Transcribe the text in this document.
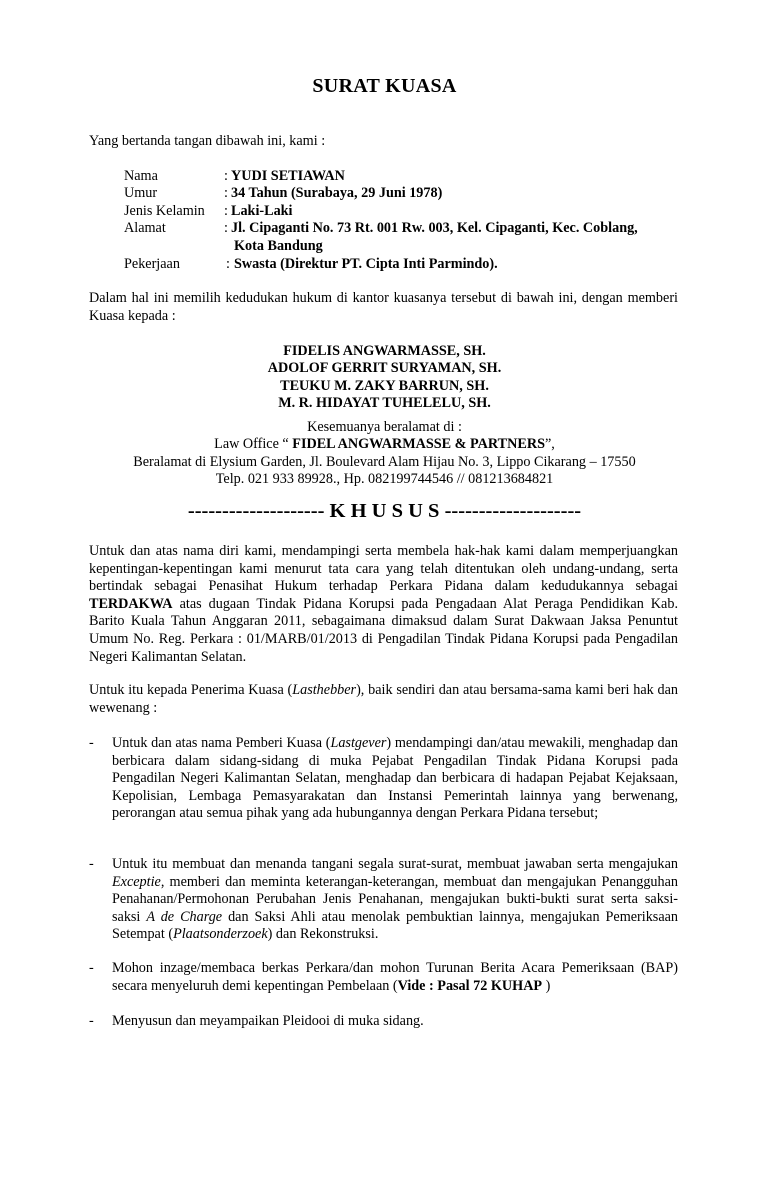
SURAT KUASA
Yang bertanda tangan dibawah ini, kami :
Nama	: YUDI SETIAWAN
Umur	: 34 Tahun (Surabaya, 29 Juni 1978)
Jenis Kelamin : Laki-Laki
Alamat	: Jl. Cipaganti No. 73 Rt. 001 Rw. 003, Kel. Cipaganti, Kec. Coblang,
Kota Bandung
Pekerjaan	: Swasta (Direktur PT. Cipta Inti Parmindo).
Dalam hal ini memilih kedudukan hukum di kantor kuasanya tersebut di bawah ini, dengan memberi Kuasa kepada :
FIDELIS ANGWARMASSE, SH.
ADOLOF GERRIT SURYAMAN, SH.
TEUKU M. ZAKY BARRUN, SH.
M. R. HIDAYAT TUHELELU, SH.
Kesemuanya beralamat di :
Law Office “ FIDEL ANGWARMASSE & PARTNERS”,
Beralamat di Elysium Garden, Jl. Boulevard Alam Hijau No. 3, Lippo Cikarang – 17550
Telp. 021 933 89928., Hp. 082199744546 // 081213684821
-------------------- K H U S U S --------------------
Untuk dan atas nama diri kami, mendampingi serta membela hak-hak kami dalam memperjuangkan kepentingan-kepentingan kami menurut tata cara yang telah ditentukan oleh undang-undang, serta bertindak sebagai Penasihat Hukum terhadap Perkara Pidana dalam kedudukannya sebagai TERDAKWA atas dugaan Tindak Pidana Korupsi pada Pengadaan Alat Peraga Pendidikan Kab. Barito Kuala Tahun Anggaran 2011, sebagaimana dimaksud dalam Surat Dakwaan Jaksa Penuntut Umum No. Reg. Perkara : 01/MARB/01/2013 di Pengadilan Tindak Pidana Korupsi pada Pengadilan Negeri Kalimantan Selatan.
Untuk itu kepada Penerima Kuasa (Lasthebber), baik sendiri dan atau bersama-sama kami beri hak dan wewenang :
- Untuk dan atas nama Pemberi Kuasa (Lastgever) mendampingi dan/atau mewakili, menghadap dan berbicara dalam sidang-sidang di muka Pejabat Pengadilan Tindak Pidana Korupsi pada Pengadilan Negeri Kalimantan Selatan, menghadap dan berbicara di hadapan Pejabat Kejaksaan, Kepolisian, Lembaga Pemasyarakatan dan Instansi Pemerintah lainnya yang berwenang, perorangan atau semua pihak yang ada hubungannya dengan Perkara Pidana tersebut;
- Untuk itu membuat dan menanda tangani segala surat-surat, membuat jawaban serta mengajukan Exceptie, memberi dan meminta keterangan-keterangan, membuat dan mengajukan Penangguhan Penahanan/Permohonan Perubahan Jenis Penahanan, mengajukan bukti-bukti surat serta saksi-saksi A de Charge dan Saksi Ahli atau menolak pembuktian lainnya, mengajukan Pemeriksaan Setempat (Plaatsonderzoek) dan Rekonstruksi.
- Mohon inzage/membaca berkas Perkara/dan mohon Turunan Berita Acara Pemeriksaan (BAP) secara menyeluruh demi kepentingan Pembelaan (Vide : Pasal 72 KUHAP )
- Menyusun dan meyampaikan Pleidooi di muka sidang.
